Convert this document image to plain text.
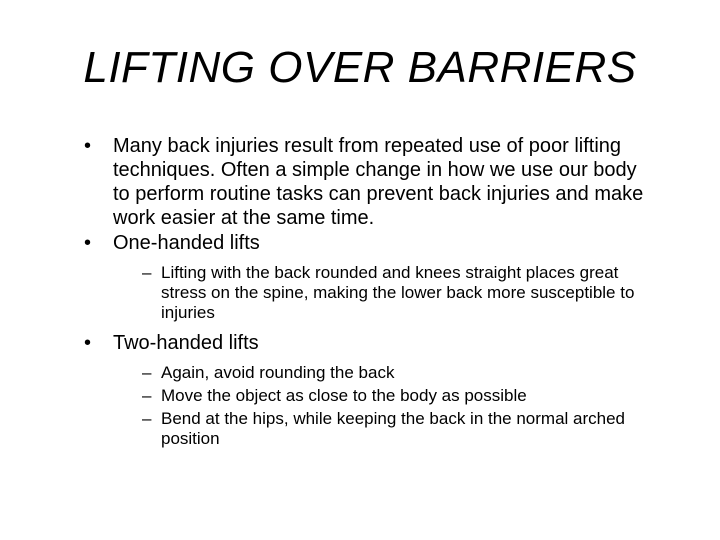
LIFTING OVER BARRIERS
• Many back injuries result from repeated use of poor lifting techniques. Often a simple change in how we use our body to perform routine tasks can prevent back injuries and make work easier at the same time.
• One-handed lifts
– Lifting with the back rounded and knees straight places great stress on the spine, making the lower back more susceptible to injuries
• Two-handed lifts
– Again, avoid rounding the back
– Move the object as close to the body as possible
– Bend at the hips, while keeping the back in the normal arched position
